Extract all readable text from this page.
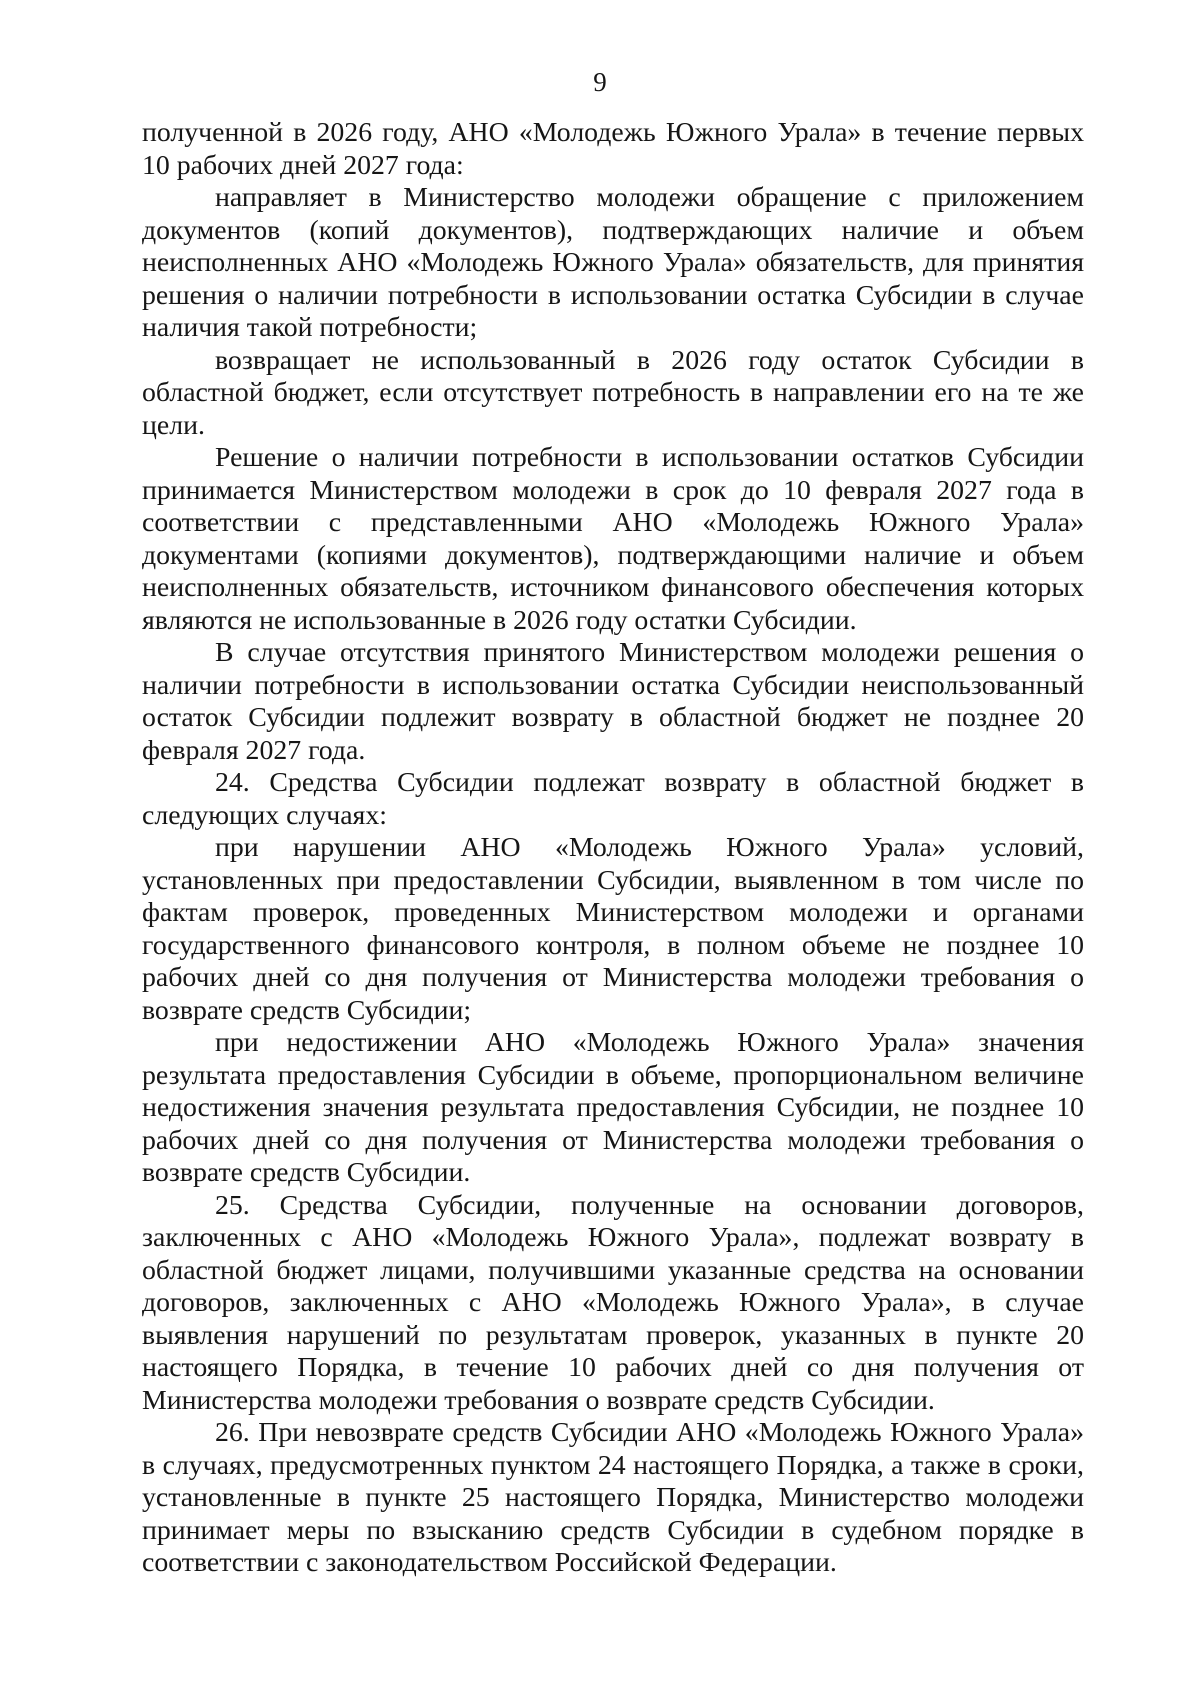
9

полученной в 2026 году, АНО «Молодежь Южного Урала» в течение первых 10 рабочих дней 2027 года:

направляет в Министерство молодежи обращение с приложением документов (копий документов), подтверждающих наличие и объем неисполненных АНО «Молодежь Южного Урала» обязательств, для принятия решения о наличии потребности в использовании остатка Субсидии в случае наличия такой потребности;

возвращает не использованный в 2026 году остаток Субсидии в областной бюджет, если отсутствует потребность в направлении его на те же цели.

Решение о наличии потребности в использовании остатков Субсидии принимается Министерством молодежи в срок до 10 февраля 2027 года в соответствии с представленными АНО «Молодежь Южного Урала» документами (копиями документов), подтверждающими наличие и объем неисполненных обязательств, источником финансового обеспечения которых являются не использованные в 2026 году остатки Субсидии.

В случае отсутствия принятого Министерством молодежи решения о наличии потребности в использовании остатка Субсидии неиспользованный остаток Субсидии подлежит возврату в областной бюджет не позднее 20 февраля 2027 года.

24. Средства Субсидии подлежат возврату в областной бюджет в следующих случаях:

при нарушении АНО «Молодежь Южного Урала» условий, установленных при предоставлении Субсидии, выявленном в том числе по фактам проверок, проведенных Министерством молодежи и органами государственного финансового контроля, в полном объеме не позднее 10 рабочих дней со дня получения от Министерства молодежи требования о возврате средств Субсидии;

при недостижении АНО «Молодежь Южного Урала» значения результата предоставления Субсидии в объеме, пропорциональном величине недостижения значения результата предоставления Субсидии, не позднее 10 рабочих дней со дня получения от Министерства молодежи требования о возврате средств Субсидии.

25. Средства Субсидии, полученные на основании договоров, заключенных с АНО «Молодежь Южного Урала», подлежат возврату в областной бюджет лицами, получившими указанные средства на основании договоров, заключенных с АНО «Молодежь Южного Урала», в случае выявления нарушений по результатам проверок, указанных в пункте 20 настоящего Порядка, в течение 10 рабочих дней со дня получения от Министерства молодежи требования о возврате средств Субсидии.

26. При невозврате средств Субсидии АНО «Молодежь Южного Урала» в случаях, предусмотренных пунктом 24 настоящего Порядка, а также в сроки, установленные в пункте 25 настоящего Порядка, Министерство молодежи принимает меры по взысканию средств Субсидии в судебном порядке в соответствии с законодательством Российской Федерации.
